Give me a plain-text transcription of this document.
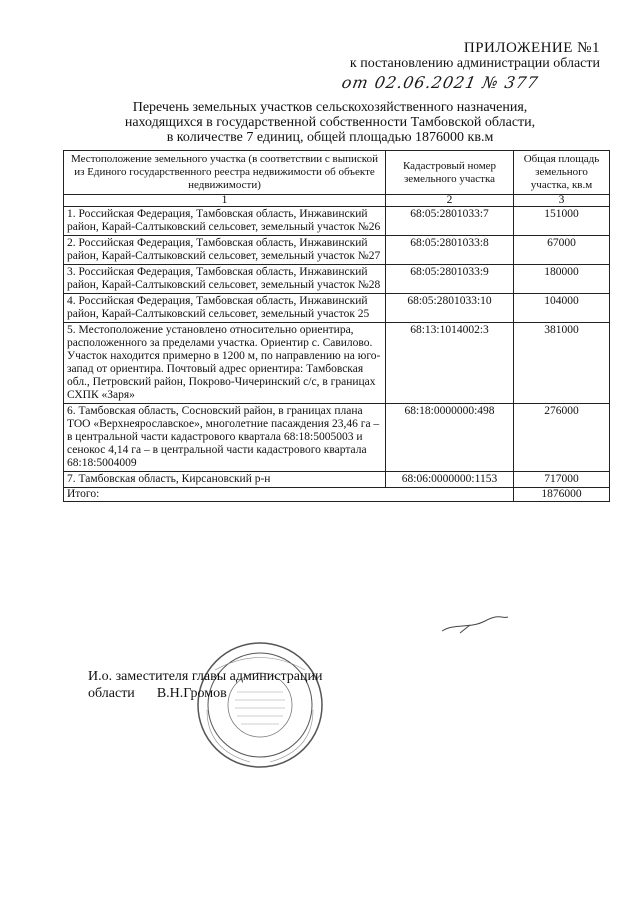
ПРИЛОЖЕНИЕ №1
к постановлению администрации области
от 02.06.2021 № 377
Перечень земельных участков сельскохозяйственного назначения,
находящихся в государственной собственности Тамбовской области,
в количестве 7 единиц, общей площадью 1876000 кв.м
Местоположение земельного участка (в соответствии с выпиской из Единого государственного реестра недвижимости об объекте недвижимости)	Кадастровый номер земельного участка	Общая площадь земельного участка, кв.м
1	2	3
1. Российская Федерация, Тамбовская область, Инжавинский район, Карай-Салтыковский сельсовет, земельный участок №26	68:05:2801033:7	151000
2. Российская Федерация, Тамбовская область, Инжавинский район, Карай-Салтыковский сельсовет, земельный участок №27	68:05:2801033:8	67000
3. Российская Федерация, Тамбовская область, Инжавинский район, Карай-Салтыковский сельсовет, земельный участок №28	68:05:2801033:9	180000
4. Российская Федерация, Тамбовская область, Инжавинский район, Карай-Салтыковский сельсовет, земельный участок 25	68:05:2801033:10	104000
5. Местоположение установлено относительно ориентира, расположенного за пределами участка. Ориентир с. Савилово. Участок находится примерно в 1200 м, по направлению на юго-запад от ориентира. Почтовый адрес ориентира: Тамбовская обл., Петровский район, Покрово-Чичеринский с/с, в границах СХПК «Заря»	68:13:1014002:3	381000
6. Тамбовская область, Сосновский район, в границах плана ТОО «Верхнеярославское», многолетние пасаждения 23,46 га – в центральной части кадастрового квартала 68:18:5005003 и сенокос 4,14 га – в центральной части кадастрового квартала 68:18:5004009	68:18:0000000:498	276000
7. Тамбовская область, Кирсановский р-н	68:06:0000000:1153	717000
Итого:		1876000
И.о. заместителя главы администрации
области В.Н.Громов
